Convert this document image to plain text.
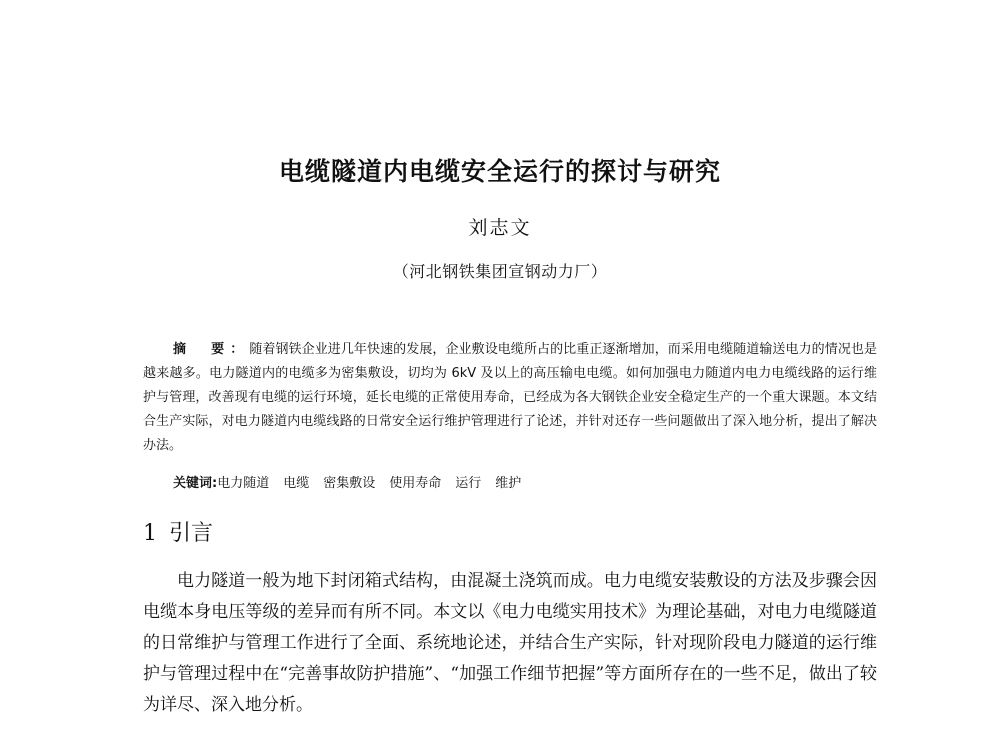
电缆隧道内电缆安全运行的探讨与研究
刘志文
（河北钢铁集团宣钢动力厂）
摘　要：随着钢铁企业进几年快速的发展，企业敷设电缆所占的比重正逐渐增加，而采用电缆随道输送电力的情况也是越来越多。电力隧道内的电缆多为密集敷设，切均为 6kV 及以上的高压输电电缆。如何加强电力随道内电力电缆线路的运行维护与管理，改善现有电缆的运行环境，延长电缆的正常使用寿命，已经成为各大钢铁企业安全稳定生产的一个重大课题。本文结合生产实际，对电力隧道内电缆线路的日常安全运行维护管理进行了论述，并针对还存一些问题做出了深入地分析，提出了解决办法。
关键词:电力随道 电缆 密集敷设 使用寿命 运行 维护
1 引言
电力隧道一般为地下封闭箱式结构，由混凝土浇筑而成。电力电缆安装敷设的方法及步骤会因电缆本身电压等级的差异而有所不同。本文以《电力电缆实用技术》为理论基础，对电力电缆隧道的日常维护与管理工作进行了全面、系统地论述，并结合生产实际，针对现阶段电力隧道的运行维护与管理过程中在“完善事故防护措施”、“加强工作细节把握”等方面所存在的一些不足，做出了较为详尽、深入地分析。
